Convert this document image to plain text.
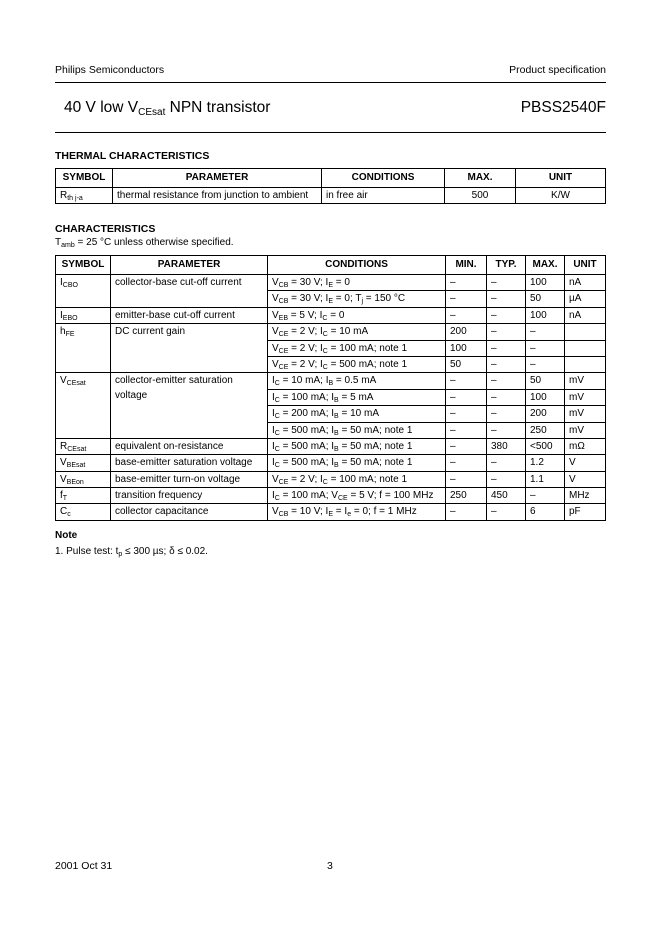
Philips Semiconductors	Product specification
40 V low $V_{CEsat}$ NPN transistor	PBSS2540F
THERMAL CHARACTERISTICS
SYMBOL	PARAMETER	CONDITIONS	MAX.	UNIT
$R_{th j-a}$	thermal resistance from junction to ambient	in free air	500	K/W
CHARACTERISTICS
$T_{amb} = 25$ °C unless otherwise specified.
SYMBOL	PARAMETER	CONDITIONS	MIN.	TYP.	MAX.	UNIT
$I_{CBO}$	collector-base cut-off current	$V_{CB} = 30$ V; $I_E = 0$	–	–	100	nA
		$V_{CB} = 30$ V; $I_E = 0$; $T_j = 150$ °C	–	–	50	µA
$I_{EBO}$	emitter-base cut-off current	$V_{EB} = 5$ V; $I_C = 0$	–	–	100	nA
$h_{FE}$	DC current gain	$V_{CE} = 2$ V; $I_C = 10$ mA	200	–	–	
		$V_{CE} = 2$ V; $I_C = 100$ mA; note 1	100	–	–	
		$V_{CE} = 2$ V; $I_C = 500$ mA; note 1	50	–	–	
$V_{CEsat}$	collector-emitter saturation voltage	$I_C = 10$ mA; $I_B = 0.5$ mA	–	–	50	mV
		$I_C = 100$ mA; $I_B = 5$ mA	–	–	100	mV
		$I_C = 200$ mA; $I_B = 10$ mA	–	–	200	mV
		$I_C = 500$ mA; $I_B = 50$ mA; note 1	–	–	250	mV
$R_{CEsat}$	equivalent on-resistance	$I_C = 500$ mA; $I_B = 50$ mA; note 1	–	380	<500	mΩ
$V_{BEsat}$	base-emitter saturation voltage	$I_C = 500$ mA; $I_B = 50$ mA; note 1	–	–	1.2	V
$V_{BEon}$	base-emitter turn-on voltage	$V_{CE} = 2$ V; $I_C = 100$ mA; note 1	–	–	1.1	V
$f_T$	transition frequency	$I_C = 100$ mA; $V_{CE} = 5$ V; f = 100 MHz	250	450	–	MHz
$C_c$	collector capacitance	$V_{CB} = 10$ V; $I_E = I_e = 0$; f = 1 MHz	–	–	6	pF
Note
1. Pulse test: $t_p \le 300$ µs; δ ≤ 0.02.
2001 Oct 31	3
